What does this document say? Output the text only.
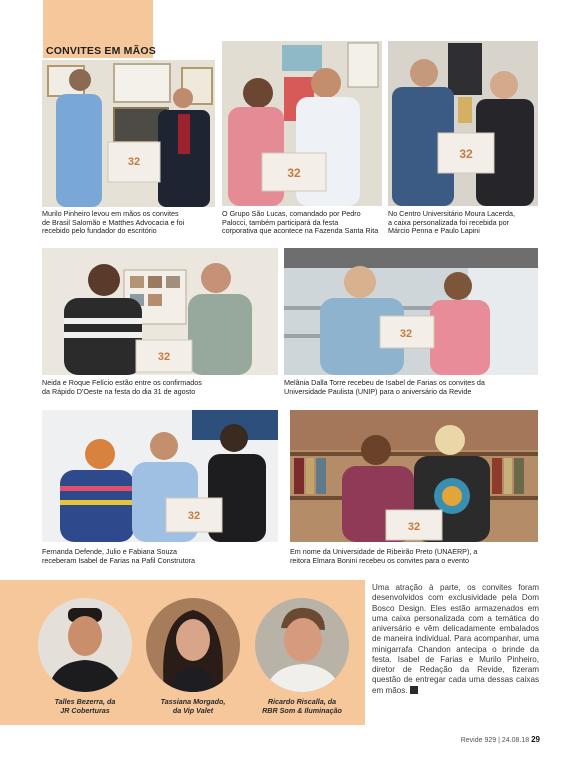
CONVITES EM MÃOS
32
Murilo Pinheiro levou em mãos os convites
de Brasil Salomão e Matthes Advocacia e foi
recebido pelo fundador do escritório
32
O Grupo São Lucas, comandado por Pedro
Palocci, também participará da festa
corporativa que acontece na Fazenda Santa Rita
32
No Centro Universitário Moura Lacerda,
a caixa personalizada foi recebida por
Márcio Penna e Paulo Lapini
32
Neida e Roque Felício estão entre os confirmados
da Rápido D'Oeste na festa do dia 31 de agosto
32
Melânia Dalla Torre recebeu de Isabel de Farias os convites da
Universidade Paulista (UNIP) para o aniversário da Revide
32
Fernanda Defende, Julio e Fabiana Souza
receberam Isabel de Farias na Pafil Construtora
32
Em nome da Universidade de Ribeirão Preto (UNAERP), a
reitora Elmara Bonini recebeu os convites para o evento
Talles Bezerra, da
JR Coberturas
Tassiana Morgado,
da Vip Valet
Ricardo Riscalla, da
RBR Som & Iluminação
Uma atração à parte, os convites foram desenvolvidos com exclusividade pela Dom Bosco Design. Eles estão armazenados em uma caixa personalizada com a temática do aniversário e vêm delicadamente embalados de maneira individual. Para acompanhar, uma minigarrafa Chandon antecipa o brinde da festa. Isabel de Farias e Murilo Pinheiro, diretor de Redação da Revide, fizeram questão de entregar cada uma dessas caixas em mãos.
Revide 929 | 24.08.18 29
